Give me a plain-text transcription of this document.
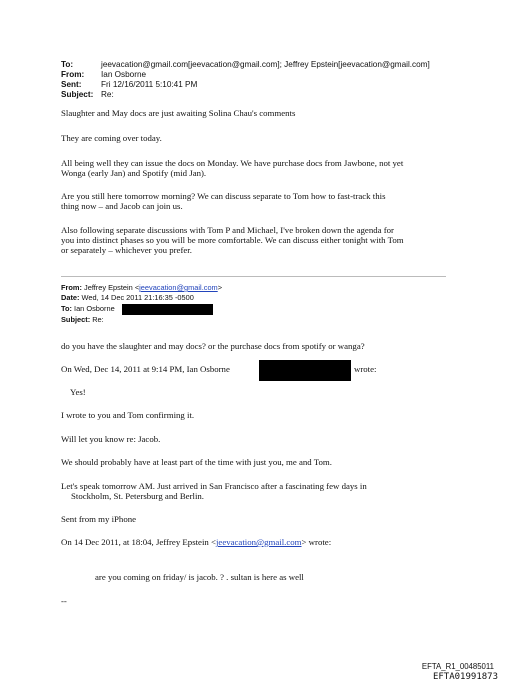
To:	jeevacation@gmail.com[jeevacation@gmail.com]; Jeffrey Epstein[jeevacation@gmail.com]
From: Ian Osborne
Sent: Fri 12/16/2011 5:10:41 PM
Subject: Re:
Slaughter and May docs are just awaiting Solina Chau's comments
They are coming over today.
All being well they can issue the docs on Monday. We have purchase docs from Jawbone, not yet
Wonga (early Jan) and Spotify (mid Jan).
Are you still here tomorrow morning? We can discuss separate to Tom how to fast-track this
thing now – and Jacob can join us.
Also following separate discussions with Tom P and Michael, I've broken down the agenda for
you into distinct phases so you will be more comfortable. We can discuss either tonight with Tom
or separately – whichever you prefer.
From: Jeffrey Epstein <jeevacation@gmail.com>
Date: Wed, 14 Dec 2011 21:16:35 -0500
To: Ian Osborne
Subject: Re:
do you have the slaughter and may docs? or the purchase docs from spotify or wanga?
On Wed, Dec 14, 2011 at 9:14 PM, Ian Osborne	wrote:
Yes!
I wrote to you and Tom confirming it.
Will let you know re: Jacob.
We should probably have at least part of the time with just you, me and Tom.
Let's speak tomorrow AM. Just arrived in San Francisco after a fascinating few days in
Stockholm, St. Petersburg and Berlin.
Sent from my iPhone
On 14 Dec 2011, at 18:04, Jeffrey Epstein <jeevacation@gmail.com> wrote:
are you coming on friday/ is jacob. ? . sultan is here as well
--
EFTA_R1_00485011
EFTA01991873
